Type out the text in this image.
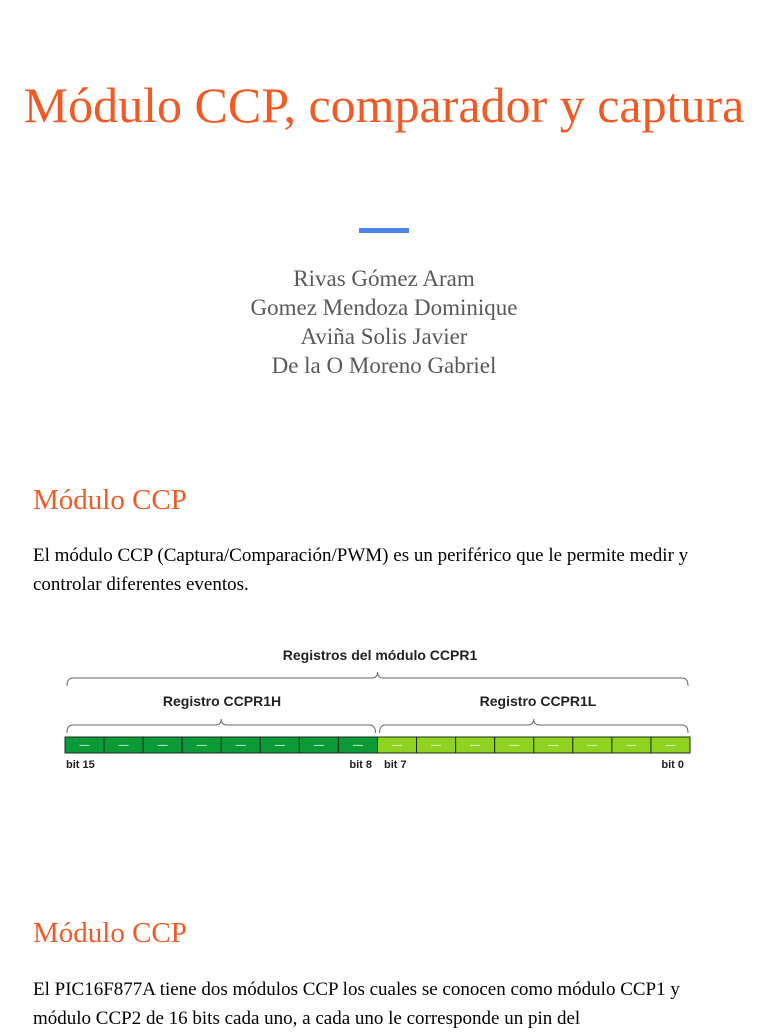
Módulo CCP, comparador y captura
Rivas Gómez Aram
Gomez Mendoza Dominique
Aviña Solis Javier
De la O Moreno Gabriel
Módulo CCP
El módulo CCP (Captura/Comparación/PWM) es un periférico que le permite medir y controlar diferentes eventos.
Registros del módulo CCPR1
Registro CCPR1H	Registro CCPR1L
—	—	—	—	—	—	—	—	—	—	—	—	—	—	—	—
bit 15	bit 8 bit 7	bit 0
Módulo CCP
El PIC16F877A tiene dos módulos CCP los cuales se conocen como módulo CCP1 y módulo CCP2 de 16 bits cada uno, a cada uno le corresponde un pin del
